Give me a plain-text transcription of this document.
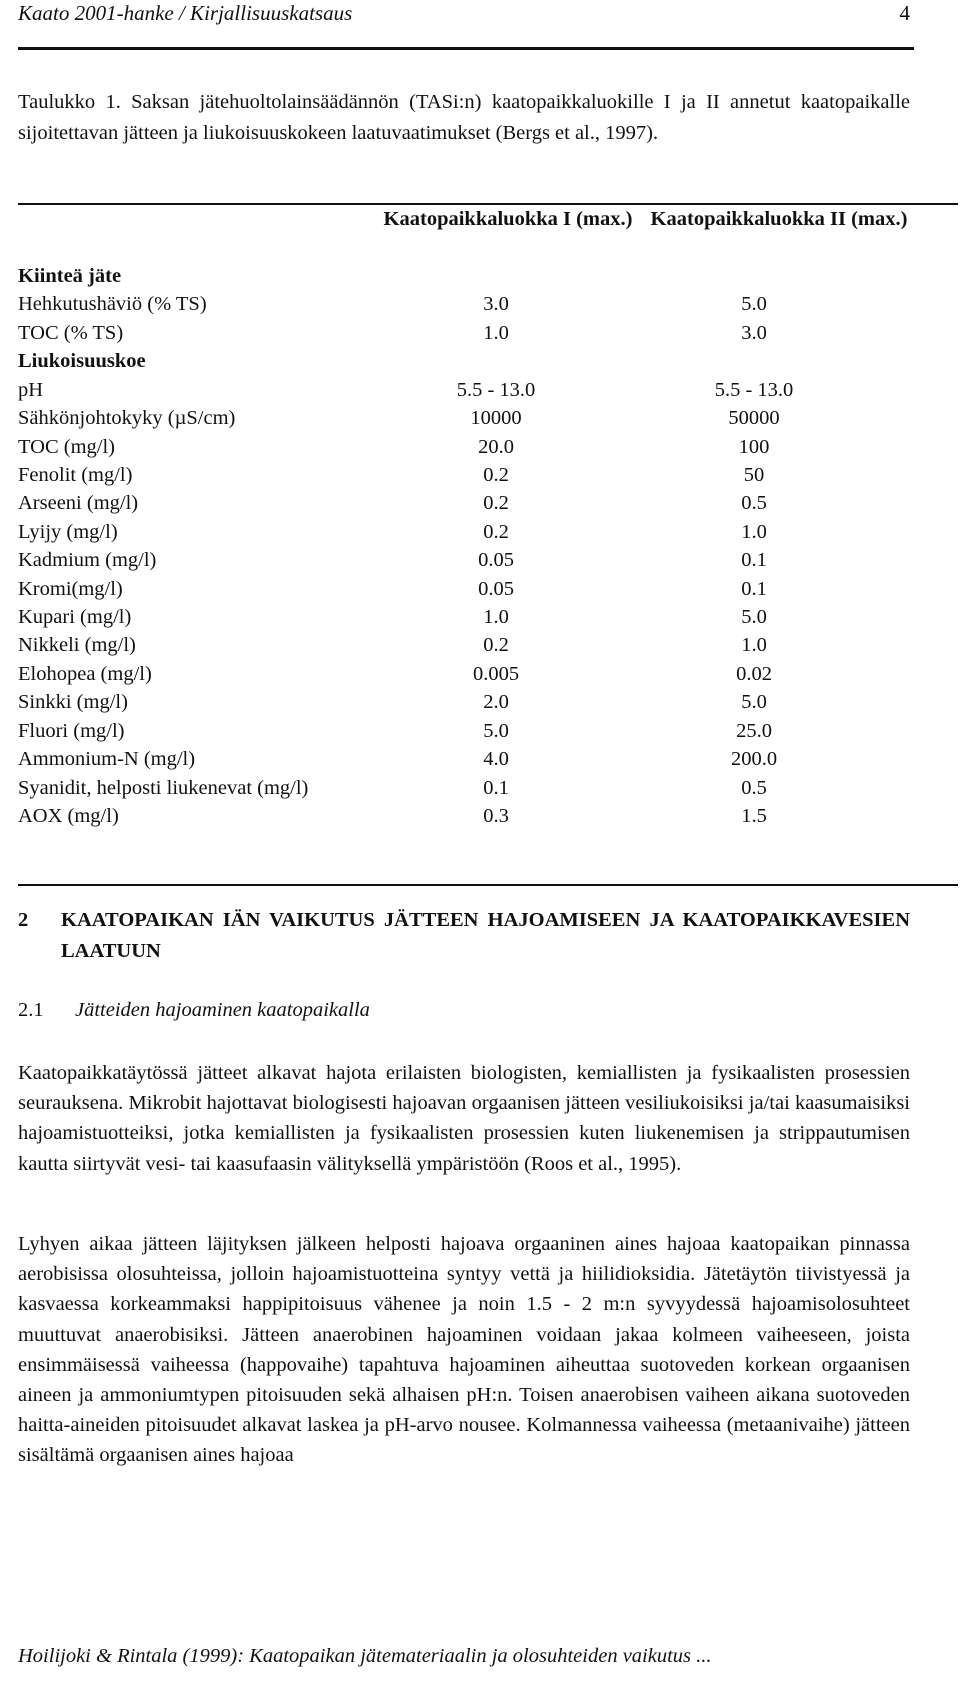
Kaato 2001-hanke / Kirjallisuuskatsaus	4
Taulukko 1. Saksan jätehuoltolainsäädännön (TASi:n) kaatopaikkaluokille I ja II annetut kaatopaikalle sijoitettavan jätteen ja liukoisuuskokeen laatuvaatimukset (Bergs et al., 1997).
Kaatopaikkaluokka I (max.) Kaatopaikkaluokka II (max.)
Kiinteä jäte
Hehkutushäviö (% TS)	3.0	5.0
TOC (% TS)	1.0	3.0
Liukoisuuskoe
pH	5.5 - 13.0	5.5 - 13.0
Sähkönjohtokyky (µS/cm)	10000	50000
TOC (mg/l)	20.0	100
Fenolit (mg/l)	0.2	50
Arseeni (mg/l)	0.2	0.5
Lyijy (mg/l)	0.2	1.0
Kadmium (mg/l)	0.05	0.1
Kromi(mg/l)	0.05	0.1
Kupari (mg/l)	1.0	5.0
Nikkeli (mg/l)	0.2	1.0
Elohopea (mg/l)	0.005	0.02
Sinkki (mg/l)	2.0	5.0
Fluori (mg/l)	5.0	25.0
Ammonium-N (mg/l)	4.0	200.0
Syanidit, helposti liukenevat (mg/l)	0.1	0.5
AOX (mg/l)	0.3	1.5
2 KAATOPAIKAN IÄN VAIKUTUS JÄTTEEN HAJOAMISEEN JA KAATOPAIKKAVESIEN LAATUUN
2.1 Jätteiden hajoaminen kaatopaikalla

Kaatopaikkatäytössä jätteet alkavat hajota erilaisten biologisten, kemiallisten ja fysikaalisten prosessien seurauksena. Mikrobit hajottavat biologisesti hajoavan orgaanisen jätteen vesiliukoisiksi ja/tai kaasumaisiksi hajoamistuotteiksi, jotka kemiallisten ja fysikaalisten prosessien kuten liukenemisen ja strippautumisen kautta siirtyvät vesi- tai kaasufaasin välityksellä ympäristöön (Roos et al., 1995).

Lyhyen aikaa jätteen läjityksen jälkeen helposti hajoava orgaaninen aines hajoaa kaatopaikan pinnassa aerobisissa olosuhteissa, jolloin hajoamistuotteina syntyy vettä ja hiilidioksidia. Jätetäytön tiivistyessä ja kasvaessa korkeammaksi happipitoisuus vähenee ja noin 1.5 - 2 m:n syvyydessä hajoamisolosuhteet muuttuvat anaerobisiksi. Jätteen anaerobinen hajoaminen voidaan jakaa kolmeen vaiheeseen, joista ensimmäisessä vaiheessa (happovaihe) tapahtuva hajoaminen aiheuttaa suotoveden korkean orgaanisen aineen ja ammoniumtypen pitoisuuden sekä alhaisen pH:n. Toisen anaerobisen vaiheen aikana suotoveden haitta-aineiden pitoisuudet alkavat laskea ja pH-arvo nousee. Kolmannessa vaiheessa (metaanivaihe) jätteen sisältämä orgaanisen aines hajoaa

Hoilijoki & Rintala (1999): Kaatopaikan jätemateriaalin ja olosuhteiden vaikutus ...
